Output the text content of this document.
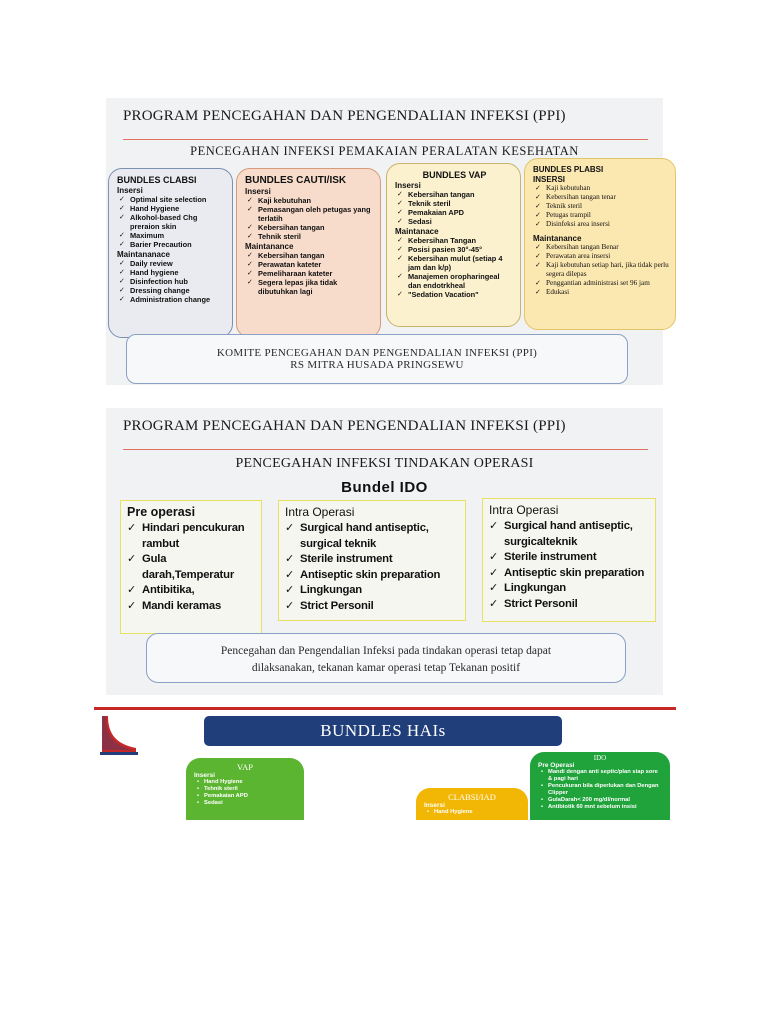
PROGRAM PENCEGAHAN DAN PENGENDALIAN INFEKSI (PPI)
PENCEGAHAN INFEKSI PEMAKAIAN PERALATAN KESEHATAN
BUNDLES CLABSI
Insersi
✓ Optimal site selection
✓ Hand Hygiene
✓ Alkohol-based Chg preraion skin
✓ Maximum
✓ Barier Precaution
Maintananace
✓ Daily review
✓ Hand hygiene
✓ Disinfection hub
✓ Dressing change
✓ Administration change
BUNDLES CAUTI/ISK
Insersi
✓ Kaji kebutuhan
✓ Pemasangan oleh petugas yang terlatih
✓ Kebersihan tangan
✓ Tehnik steril
Maintanance
✓ Kebersihan tangan
✓ Perawatan kateter
✓ Pemeliharaan kateter
✓ Segera lepas jika tidak dibutuhkan lagi
BUNDLES VAP
Insersi
✓ Kebersihan tangan
✓ Teknik steril
✓ Pemakaian APD
✓ Sedasi
Maintanace
✓ Kebersihan Tangan
✓ Posisi pasien 30°-45°
✓ Kebersihan mulut (setiap 4 jam dan k/p)
✓ Manajemen oropharingeal dan endotrkheal
✓ "Sedation Vacation"
BUNDLES PLABSI
INSERSI
✓ Kaji kebutuhan
✓ Kebersihan tangan tenar
✓ Teknik steril
✓ Petugas trampil
✓ Disinfeksi area insersi
Maintanance
✓ Kebersihan tangan Benar
✓ Perawatan area insersi
✓ Kaji kebutuhan setiap hari, jika tidak perlu segera dilepas
✓ Penggantian administrasi set 96 jam
✓ Edukasi
KOMITE PENCEGAHAN DAN PENGENDALIAN INFEKSI (PPI)
RS MITRA HUSADA PRINGSEWU
PROGRAM PENCEGAHAN DAN PENGENDALIAN INFEKSI (PPI)
PENCEGAHAN INFEKSI TINDAKAN OPERASI
Bundel IDO
Pre operasi
✓ Hindari pencukuran rambut
✓ Gula darah,Temperatur
✓ Antibitika,
✓ Mandi keramas
Intra Operasi
✓ Surgical hand antiseptic, surgical teknik
✓ Sterile instrument
✓ Antiseptic skin preparation
✓ Lingkungan
✓ Strict Personil
Intra Operasi
✓ Surgical hand antiseptic, surgicalteknik
✓ Sterile instrument
✓ Antiseptic skin preparation
✓ Lingkungan
✓ Strict Personil
Pencegahan dan Pengendalian Infeksi pada tindakan operasi tetap dapat
dilaksanakan, tekanan kamar operasi tetap Tekanan positif
BUNDLES HAIs
VAP
Insersi
• Hand Hygiene
• Tehnik steril
• Pemakaian APD
• Sedasi
CLABSI/IAD
Insersi
• Hand Hygiene
IDO
Pre Operasi
• Mandi dengan anti septic/plan siap sore & pagi hari
• Pencukuran bila diperlukan dan Dengan Clipper
• GulaDarah< 200 mg/dl/normal
• Antibiotik 60 mnt sebelum insisi
